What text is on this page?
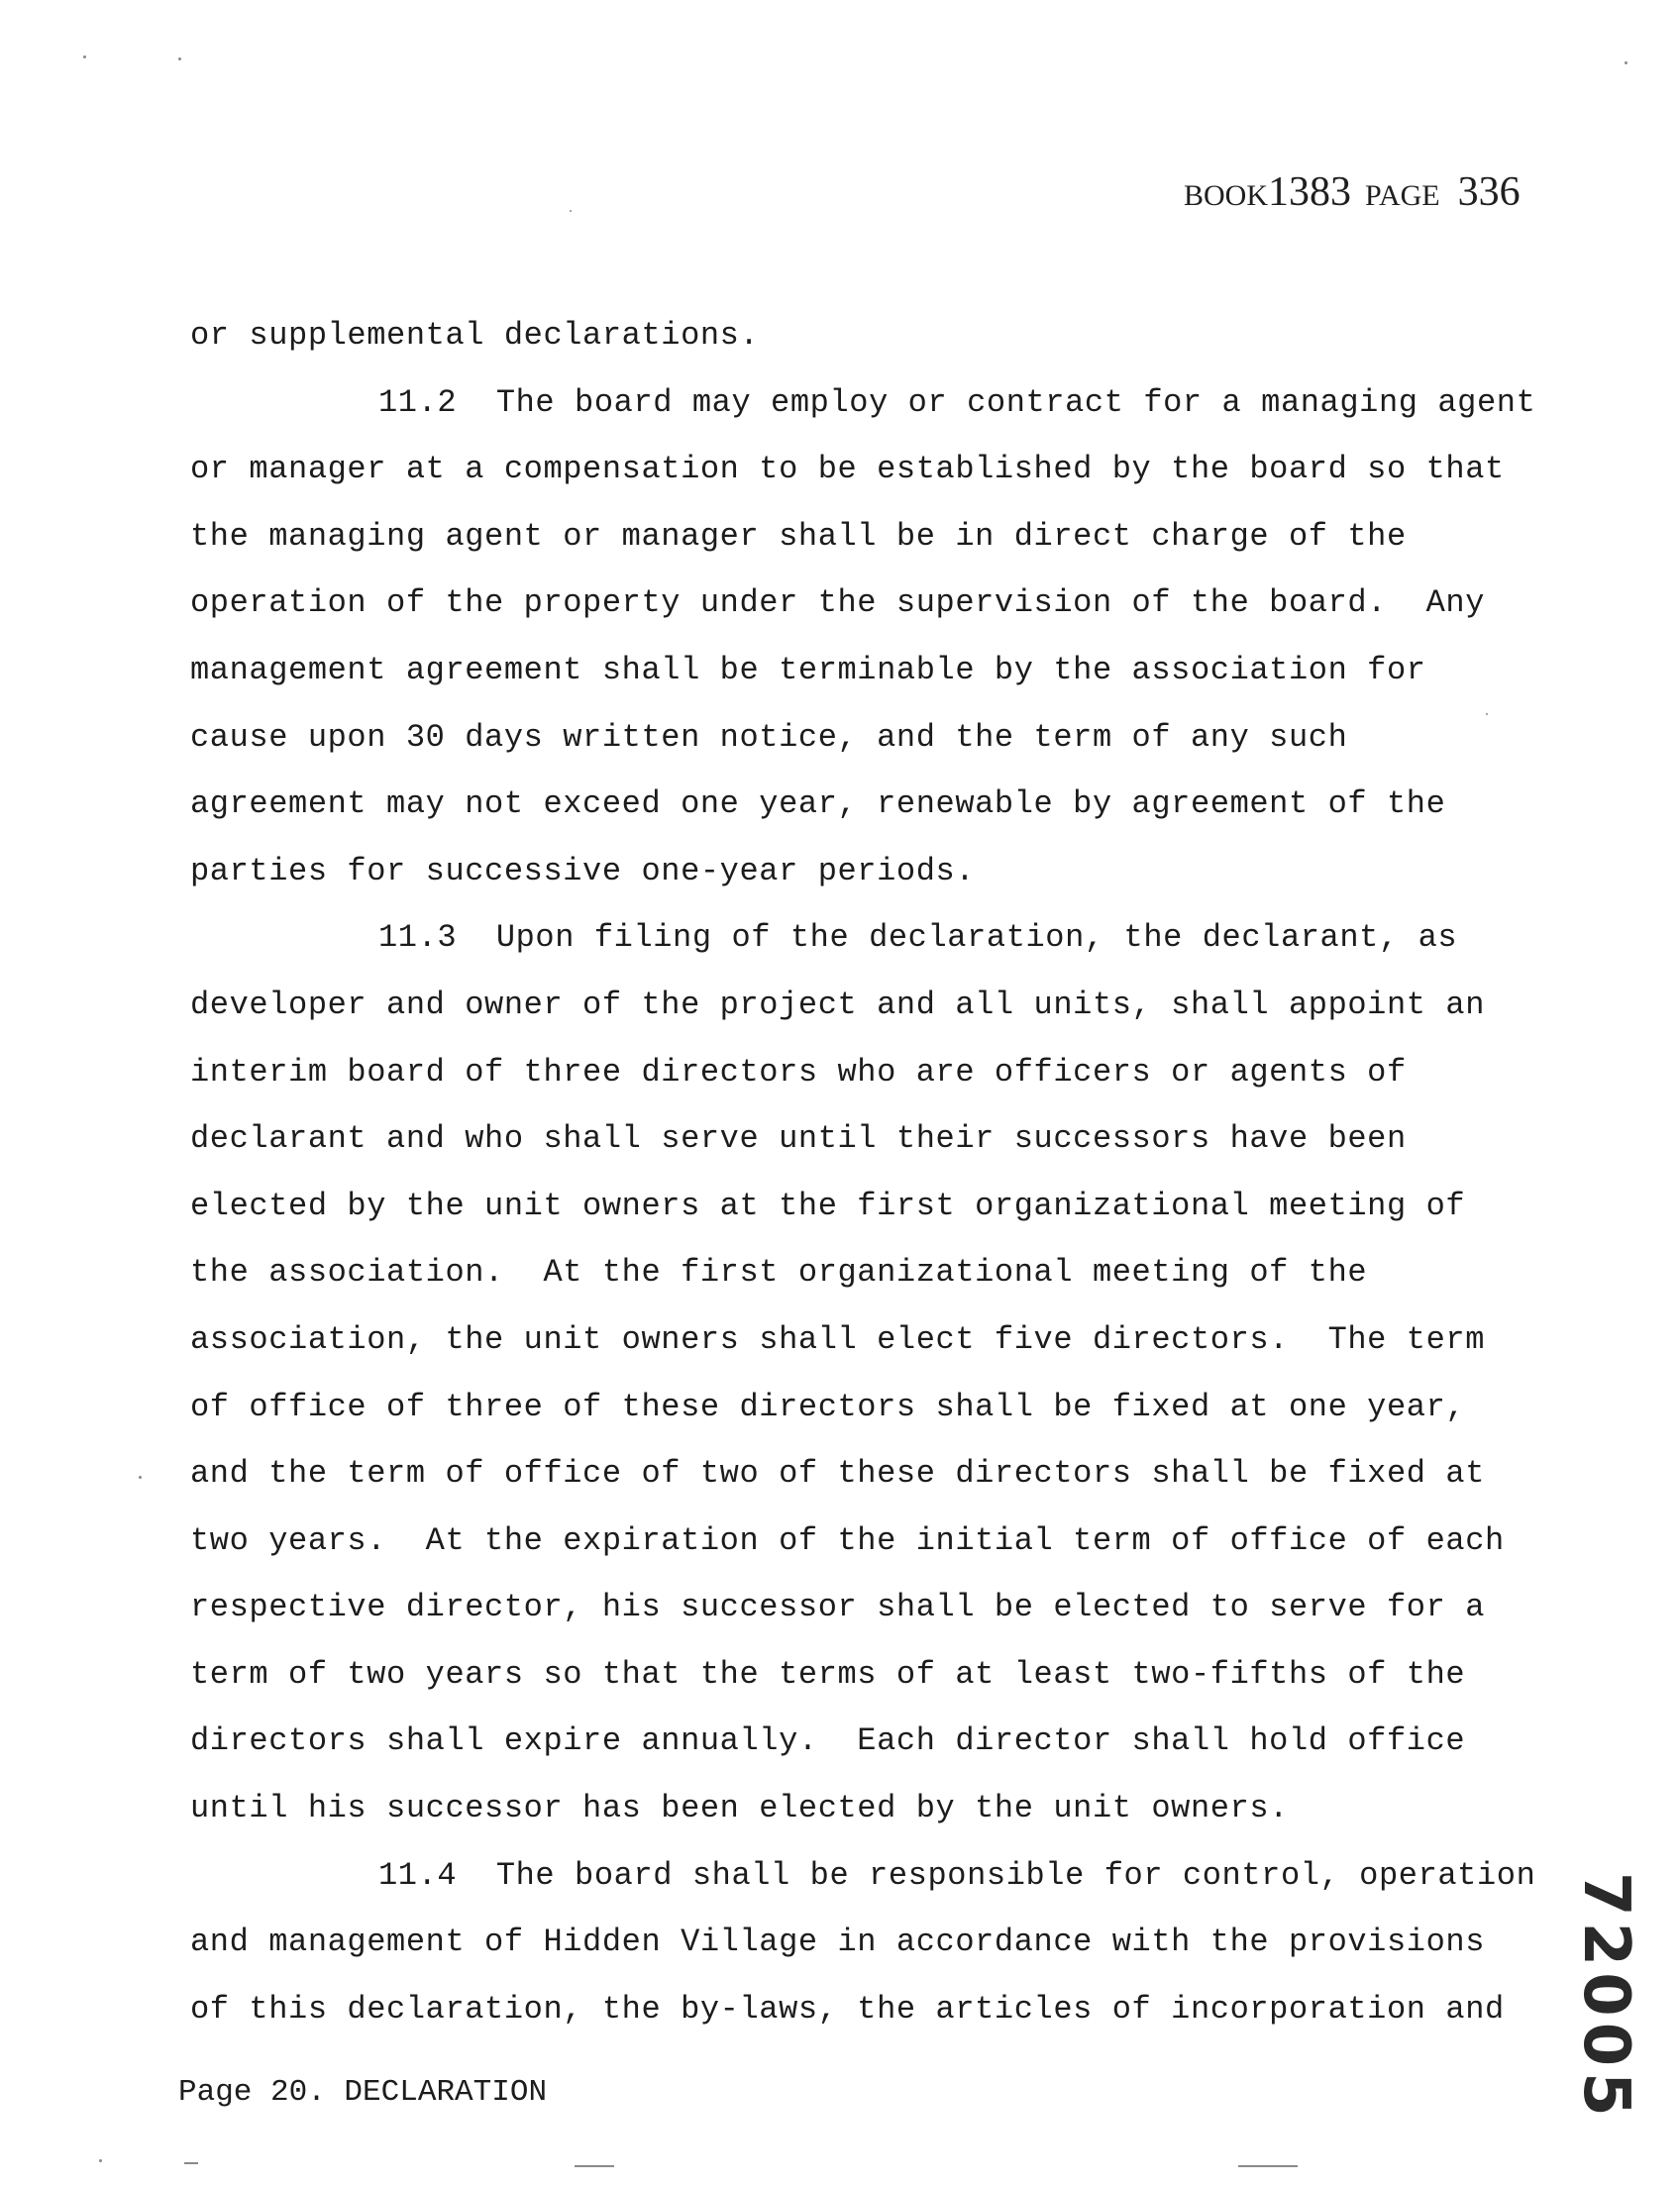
BOOK1383 PAGE 336
or supplemental declarations.
11.2  The board may employ or contract for a managing agent
or manager at a compensation to be established by the board so that
the managing agent or manager shall be in direct charge of the
operation of the property under the supervision of the board.  Any
management agreement shall be terminable by the association for
cause upon 30 days written notice, and the term of any such
agreement may not exceed one year, renewable by agreement of the
parties for successive one-year periods.
11.3  Upon filing of the declaration, the declarant, as
developer and owner of the project and all units, shall appoint an
interim board of three directors who are officers or agents of
declarant and who shall serve until their successors have been
elected by the unit owners at the first organizational meeting of
the association.  At the first organizational meeting of the
association, the unit owners shall elect five directors.  The term
of office of three of these directors shall be fixed at one year,
and the term of office of two of these directors shall be fixed at
two years.  At the expiration of the initial term of office of each
respective director, his successor shall be elected to serve for a
term of two years so that the terms of at least two-fifths of the
directors shall expire annually.  Each director shall hold office
until his successor has been elected by the unit owners.
11.4  The board shall be responsible for control, operation
and management of Hidden Village in accordance with the provisions
of this declaration, the by-laws, the articles of incorporation and
Page 20. DECLARATION	72005
